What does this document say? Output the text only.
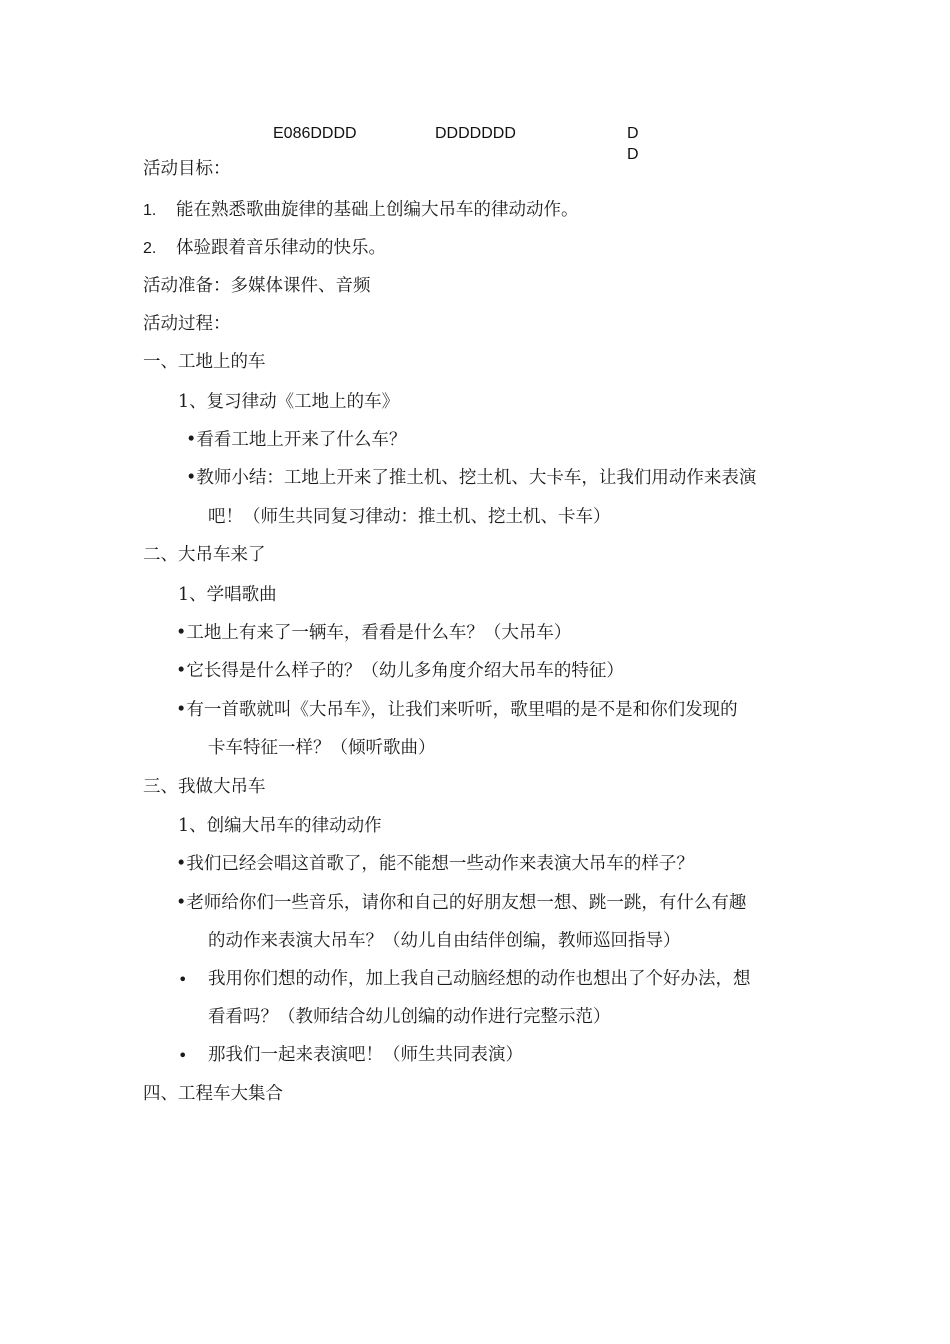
E086DDDD	DDDDDDD	D
D
活动目标：
1. 能在熟悉歌曲旋律的基础上创编大吊车的律动动作。
2. 体验跟着音乐律动的快乐。
活动准备：多媒体课件、音频
活动过程：
一、工地上的车
1、复习律动《工地上的车》
•看看工地上开来了什么车？
•教师小结：工地上开来了推土机、挖土机、大卡车，让我们用动作来表演
吧！（师生共同复习律动：推土机、挖土机、卡车）
二、大吊车来了
1、学唱歌曲
•工地上有来了一辆车，看看是什么车？（大吊车）
•它长得是什么样子的？（幼儿多角度介绍大吊车的特征）
•有一首歌就叫《大吊车》，让我们来听听，歌里唱的是不是和你们发现的
卡车特征一样？（倾听歌曲）
三、我做大吊车
1、创编大吊车的律动动作
•我们已经会唱这首歌了，能不能想一些动作来表演大吊车的样子？
•老师给你们一些音乐，请你和自己的好朋友想一想、跳一跳，有什么有趣
的动作来表演大吊车？（幼儿自由结伴创编，教师巡回指导）
• 我用你们想的动作，加上我自己动脑经想的动作也想出了个好办法，想
看看吗？（教师结合幼儿创编的动作进行完整示范）
• 那我们一起来表演吧！（师生共同表演）
四、工程车大集合
